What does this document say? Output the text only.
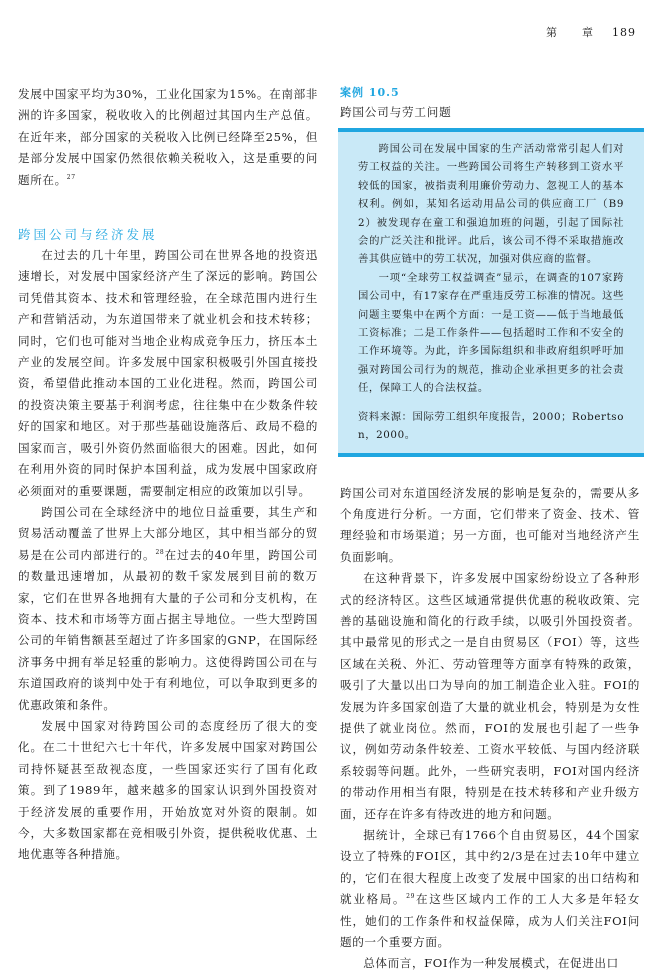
第　　章 189

发展中国家平均为30%，工业化国家为15%。在南部非洲的许多国家，税收收入的比例超过其国内生产总值。在近年来，部分国家的关税收入比例已经降至25%，但是部分发展中国家仍然很依赖关税收入，这是重要的问题所在。$^{27}$

跨国公司与经济发展

在过去的几十年里，跨国公司在世界各地的投资迅速增长，对发展中国家经济产生了深远的影响。跨国公司凭借其资本、技术和管理经验，在全球范围内进行生产和营销活动，为东道国带来了就业机会和技术转移；同时，它们也可能对当地企业构成竞争压力，挤压本土产业的发展空间。许多发展中国家积极吸引外国直接投资，希望借此推动本国的工业化进程。然而，跨国公司的投资决策主要基于利润考虑，往往集中在少数条件较好的国家和地区。对于那些基础设施落后、政局不稳的国家而言，吸引外资仍然面临很大的困难。因此，如何在利用外资的同时保护本国利益，成为发展中国家政府必须面对的重要课题，需要制定相应的政策加以引导。

跨国公司在全球经济中的地位日益重要，其生产和贸易活动覆盖了世界上大部分地区，其中相当部分的贸易是在公司内部进行的。$^{28}$在过去的40年里，跨国公司的数量迅速增加，从最初的数千家发展到目前的数万家，它们在世界各地拥有大量的子公司和分支机构，在资本、技术和市场等方面占据主导地位。一些大型跨国公司的年销售额甚至超过了许多国家的GNP，在国际经济事务中拥有举足轻重的影响力。这使得跨国公司在与东道国政府的谈判中处于有利地位，可以争取到更多的优惠政策和条件。

发展中国家对待跨国公司的态度经历了很大的变化。在二十世纪六七十年代，许多发展中国家对跨国公司持怀疑甚至敌视态度，一些国家还实行了国有化政策。到了1989年，越来越多的国家认识到外国投资对于经济发展的重要作用，开始放宽对外资的限制。如今，大多数国家都在竞相吸引外资，提供税收优惠、土地优惠等各种措施。

案例 10.5
跨国公司与劳工问题

跨国公司在发展中国家的生产活动常常引起人们对劳工权益的关注。一些跨国公司将生产转移到工资水平较低的国家，被指责利用廉价劳动力、忽视工人的基本权利。例如，某知名运动用品公司的供应商工厂（B92）被发现存在童工和强迫加班的问题，引起了国际社会的广泛关注和批评。此后，该公司不得不采取措施改善其供应链中的劳工状况，加强对供应商的监督。

一项“全球劳工权益调查”显示，在调查的107家跨国公司中，有17家存在严重违反劳工标准的情况。这些问题主要集中在两个方面：一是工资——低于当地最低工资标准；二是工作条件——包括超时工作和不安全的工作环境等。为此，许多国际组织和非政府组织呼吁加强对跨国公司行为的规范，推动企业承担更多的社会责任，保障工人的合法权益。

资料来源：国际劳工组织年度报告，2000；Robertson，2000。

跨国公司对东道国经济发展的影响是复杂的，需要从多个角度进行分析。一方面，它们带来了资金、技术、管理经验和市场渠道；另一方面，也可能对当地经济产生负面影响。

在这种背景下，许多发展中国家纷纷设立了各种形式的经济特区。这些区域通常提供优惠的税收政策、完善的基础设施和简化的行政手续，以吸引外国投资者。其中最常见的形式之一是自由贸易区（FOI）等，这些区域在关税、外汇、劳动管理等方面享有特殊的政策，吸引了大量以出口为导向的加工制造企业入驻。FOI的发展为许多国家创造了大量的就业机会，特别是为女性提供了就业岗位。然而，FOI的发展也引起了一些争议，例如劳动条件较差、工资水平较低、与国内经济联系较弱等问题。此外，一些研究表明，FOI对国内经济的带动作用相当有限，特别是在技术转移和产业升级方面，还存在许多有待改进的地方和问题。

据统计，全球已有1766个自由贸易区，44个国家设立了特殊的FOI区，其中约2/3是在过去10年中建立的，它们在很大程度上改变了发展中国家的出口结构和就业格局。$^{29}$在这些区域内工作的工人大多是年轻女性，她们的工作条件和权益保障，成为人们关注FOI问题的一个重要方面。

总体而言，FOI作为一种发展模式，在促进出口
